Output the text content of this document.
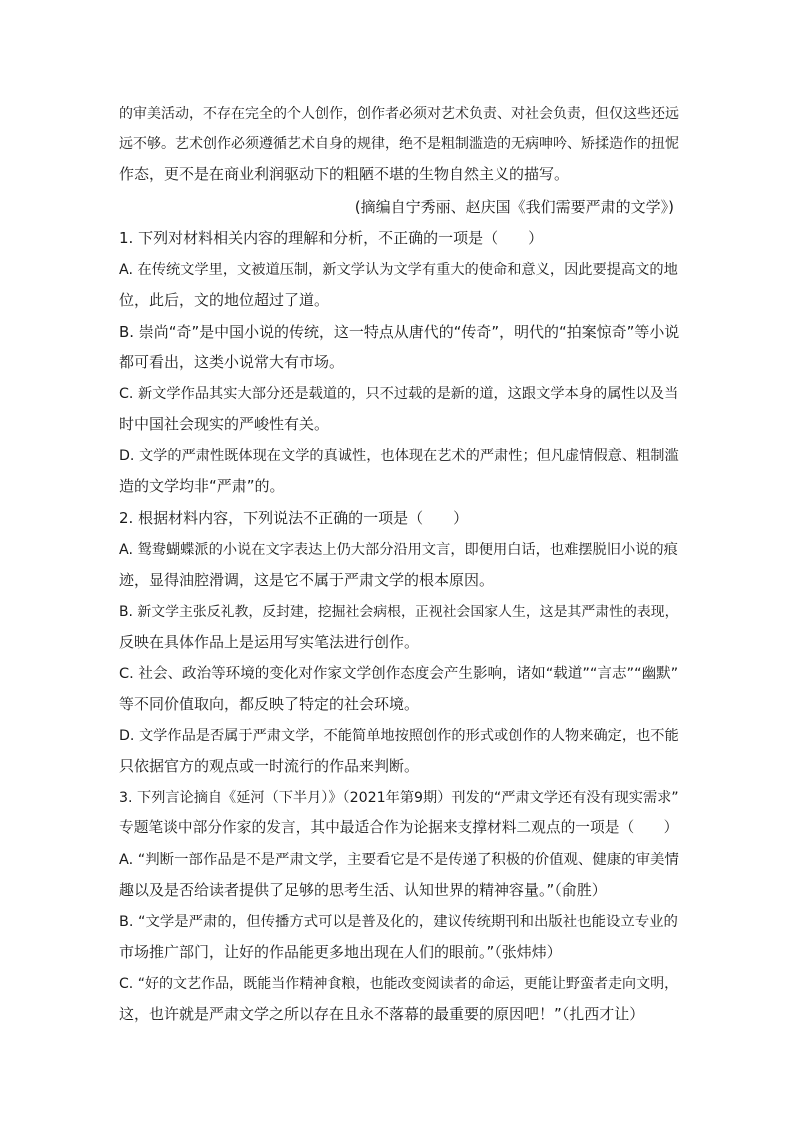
的审美活动，不存在完全的个人创作，创作者必须对艺术负责、对社会负责，但仅这些还远
远不够。艺术创作必须遵循艺术自身的规律，绝不是粗制滥造的无病呻吟、矫揉造作的扭怩
作态，更不是在商业利润驱动下的粗陋不堪的生物自然主义的描写。
(摘编自宁秀丽、赵庆国《我们需要严肃的文学》)
1. 下列对材料相关内容的理解和分析，不正确的一项是（　　）
A. 在传统文学里，文被道压制，新文学认为文学有重大的使命和意义，因此要提高文的地
位，此后，文的地位超过了道。
B. 崇尚“奇”是中国小说的传统，这一特点从唐代的“传奇”，明代的“拍案惊奇”等小说
都可看出，这类小说常大有市场。
C. 新文学作品其实大部分还是载道的，只不过载的是新的道，这跟文学本身的属性以及当
时中国社会现实的严峻性有关。
D. 文学的严肃性既体现在文学的真诚性，也体现在艺术的严肃性；但凡虚情假意、粗制滥
造的文学均非“严肃”的。
2. 根据材料内容，下列说法不正确的一项是（　　）
A. 鸳鸯蝴蝶派的小说在文字表达上仍大部分沿用文言，即便用白话，也难摆脱旧小说的痕
迹，显得油腔滑调，这是它不属于严肃文学的根本原因。
B. 新文学主张反礼教，反封建，挖掘社会病根，正视社会国家人生，这是其严肃性的表现，
反映在具体作品上是运用写实笔法进行创作。
C. 社会、政治等环境的变化对作家文学创作态度会产生影响，诸如“载道”“言志”“幽默”
等不同价值取向，都反映了特定的社会环境。
D. 文学作品是否属于严肃文学，不能简单地按照创作的形式或创作的人物来确定，也不能
只依据官方的观点或一时流行的作品来判断。
3. 下列言论摘自《延河（下半月）》（2021年第9期）刊发的“严肃文学还有没有现实需求”
专题笔谈中部分作家的发言，其中最适合作为论据来支撑材料二观点的一项是（　　）
A. “判断一部作品是不是严肃文学，主要看它是不是传递了积极的价值观、健康的审美情
趣以及是否给读者提供了足够的思考生活、认知世界的精神容量。”（俞胜）
B. “文学是严肃的，但传播方式可以是普及化的，建议传统期刊和出版社也能设立专业的
市场推广部门，让好的作品能更多地出现在人们的眼前。”（张炜炜）
C. “好的文艺作品，既能当作精神食粮，也能改变阅读者的命运，更能让野蛮者走向文明，
这，也许就是严肃文学之所以存在且永不落幕的最重要的原因吧！”（扎西才让）
